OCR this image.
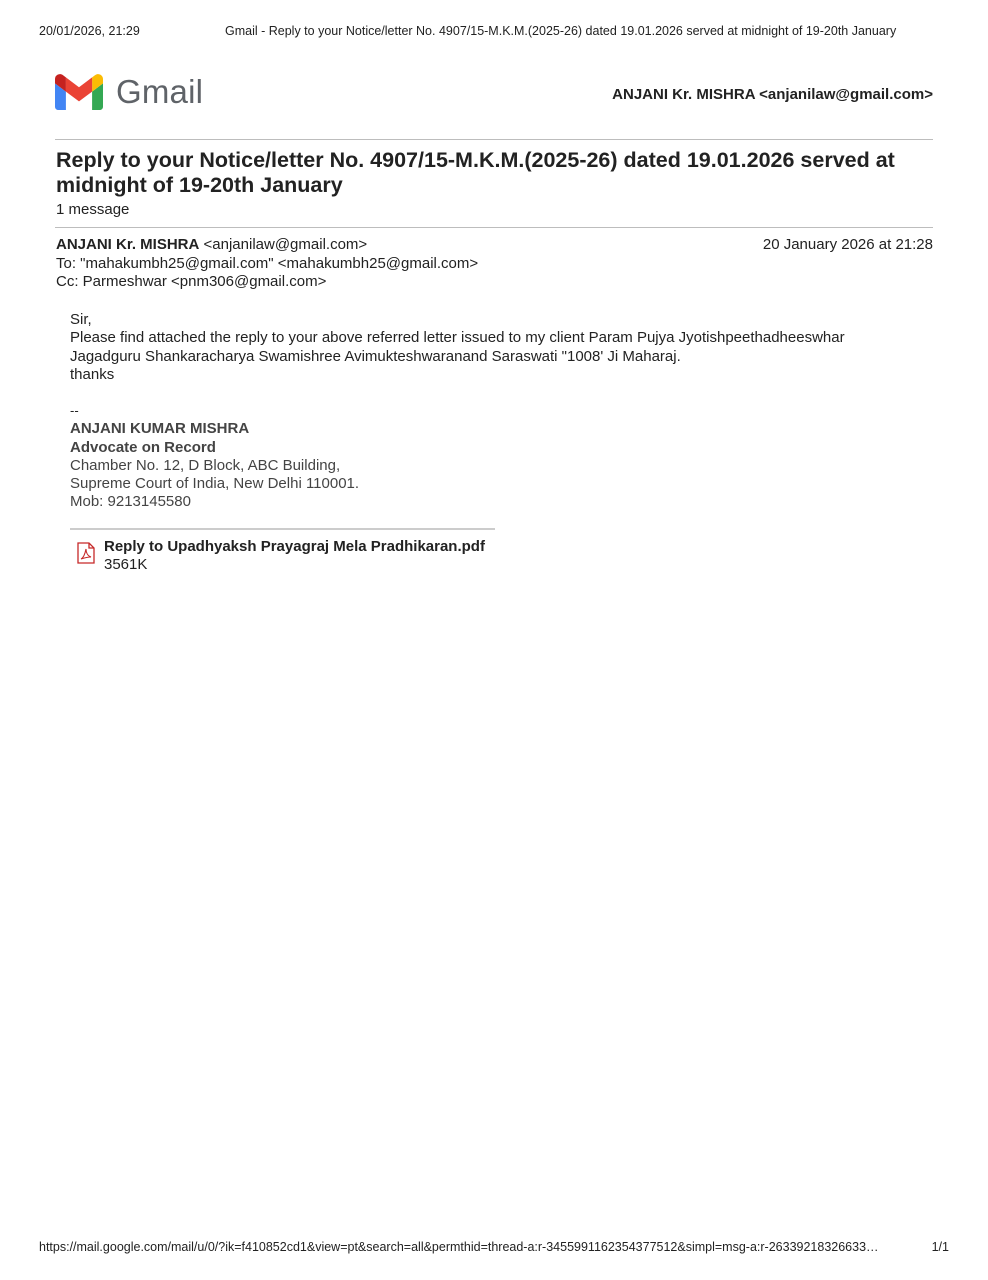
20/01/2026, 21:29	Gmail - Reply to your Notice/letter No. 4907/15-M.K.M.(2025-26) dated 19.01.2026 served at midnight of 19-20th January
Gmail	ANJANI Kr. MISHRA <anjanilaw@gmail.com>
Reply to your Notice/letter No. 4907/15-M.K.M.(2025-26) dated 19.01.2026 served at midnight of 19-20th January
1 message
ANJANI Kr. MISHRA <anjanilaw@gmail.com>
To: "mahakumbh25@gmail.com" <mahakumbh25@gmail.com>
Cc: Parmeshwar <pnm306@gmail.com>
20 January 2026 at 21:28
Sir,
Please find attached the reply to your above referred letter issued to my client Param Pujya Jyotishpeethadheeswhar
Jagadguru Shankaracharya Swamishree Avimukteshwaranand Saraswati "1008' Ji Maharaj.
thanks
--
ANJANI KUMAR MISHRA
Advocate on Record
Chamber No. 12, D Block, ABC Building,
Supreme Court of India, New Delhi 110001.
Mob: 9213145580
Reply to Upadhyaksh Prayagraj Mela Pradhikaran.pdf
3561K
https://mail.google.com/mail/u/0/?ik=f410852cd1&view=pt&search=all&permthid=thread-a:r-3455991162354377512&simpl=msg-a:r-26339218326633…	1/1
